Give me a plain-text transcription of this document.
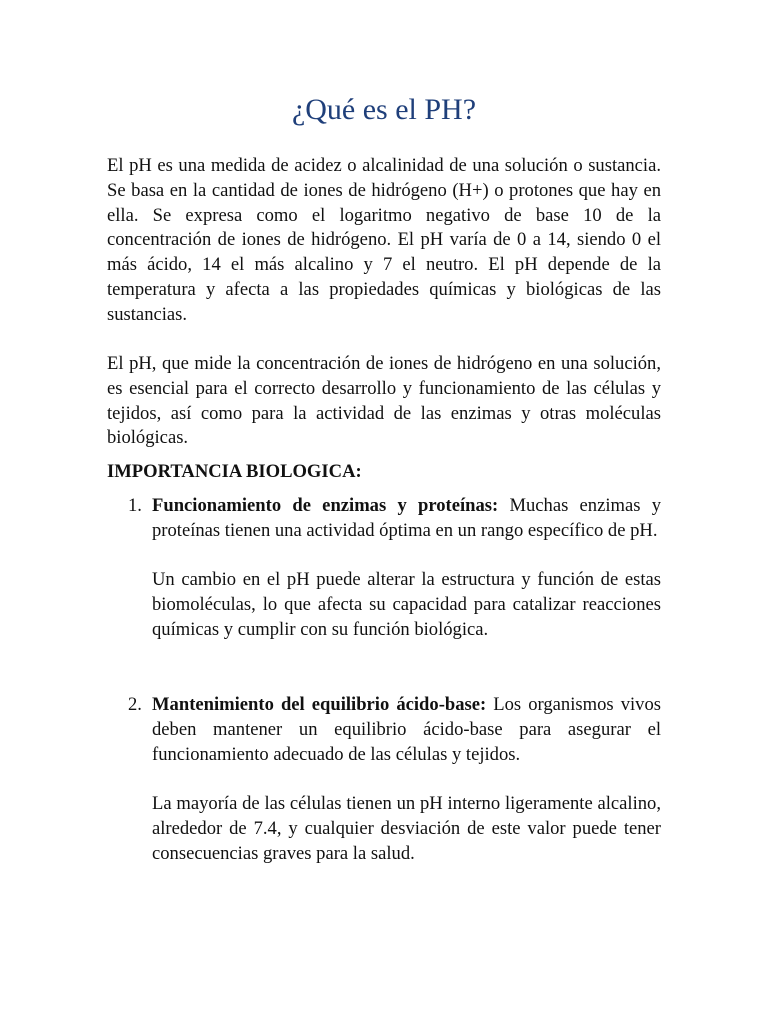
¿Qué es el PH?

El pH es una medida de acidez o alcalinidad de una solución o sustancia. Se basa en la cantidad de iones de hidrógeno (H+) o protones que hay en ella. Se expresa como el logaritmo negativo de base 10 de la concentración de iones de hidrógeno. El pH varía de 0 a 14, siendo 0 el más ácido, 14 el más alcalino y 7 el neutro. El pH depende de la temperatura y afecta a las propiedades químicas y biológicas de las sustancias.

El pH, que mide la concentración de iones de hidrógeno en una solución, es esencial para el correcto desarrollo y funcionamiento de las células y tejidos, así como para la actividad de las enzimas y otras moléculas biológicas.

IMPORTANCIA BIOLOGICA:

1. Funcionamiento de enzimas y proteínas: Muchas enzimas y proteínas tienen una actividad óptima en un rango específico de pH.

Un cambio en el pH puede alterar la estructura y función de estas biomoléculas, lo que afecta su capacidad para catalizar reacciones químicas y cumplir con su función biológica.

2. Mantenimiento del equilibrio ácido-base: Los organismos vivos deben mantener un equilibrio ácido-base para asegurar el funcionamiento adecuado de las células y tejidos.

La mayoría de las células tienen un pH interno ligeramente alcalino, alrededor de 7.4, y cualquier desviación de este valor puede tener consecuencias graves para la salud.
